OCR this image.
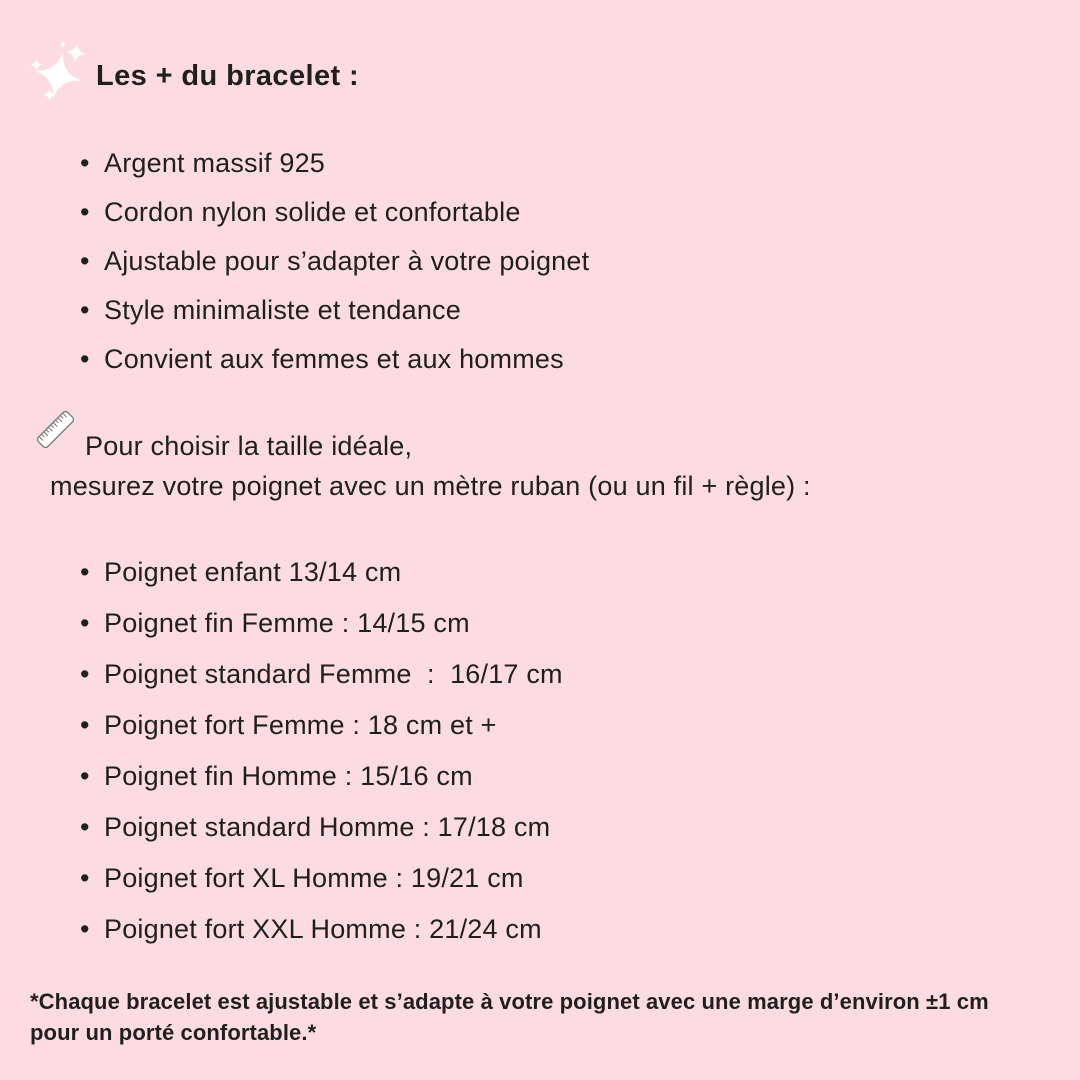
Les + du bracelet :
• Argent massif 925
• Cordon nylon solide et confortable
• Ajustable pour s’adapter à votre poignet
• Style minimaliste et tendance
• Convient aux femmes et aux hommes
Pour choisir la taille idéale,
mesurez votre poignet avec un mètre ruban (ou un fil + règle) :
• Poignet enfant 13/14 cm
• Poignet fin Femme : 14/15 cm
• Poignet standard Femme  :  16/17 cm
• Poignet fort Femme : 18 cm et +
• Poignet fin Homme : 15/16 cm
• Poignet standard Homme : 17/18 cm
• Poignet fort XL Homme : 19/21 cm
• Poignet fort XXL Homme : 21/24 cm

*Chaque bracelet est ajustable et s’adapte à votre poignet avec une marge d’environ ±1 cm
pour un porté confortable.*
